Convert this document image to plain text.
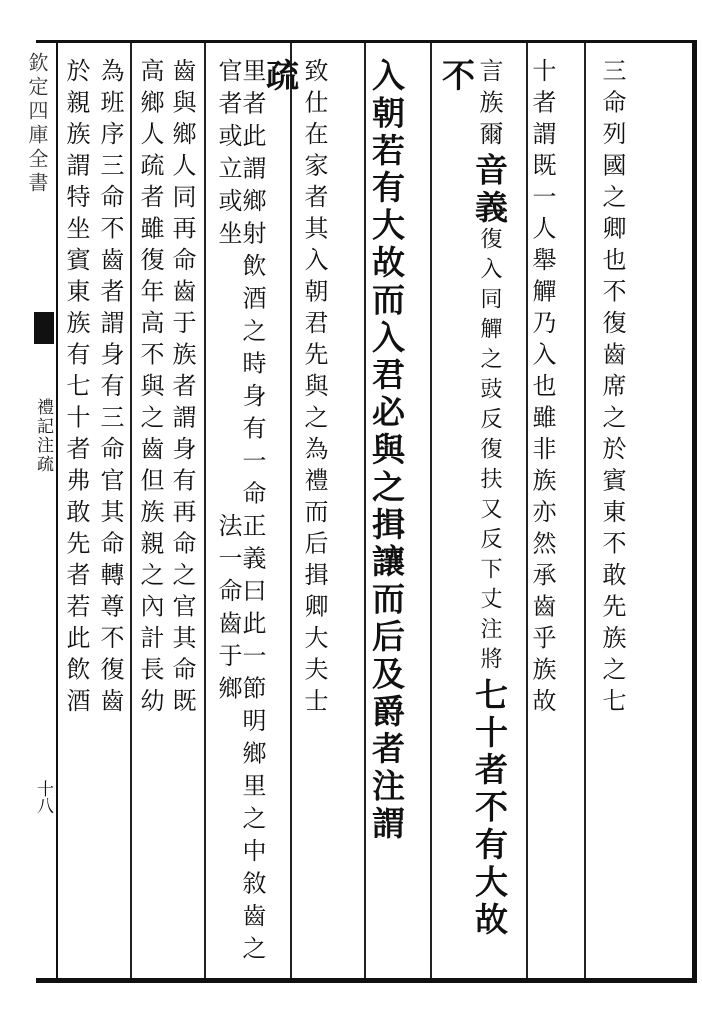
欽定四庫全書
禮記注疏
十八
三命列國之卿也不復齒席之於賓東不敢先族之七
十者謂既一人舉觶乃入也雖非族亦然承齒乎族故
言族爾音義
復扶又反下丈注將
復入同觶之豉反
七十者不有大故不
入朝若有大故而入君必與之揖讓而后及爵者注謂
致仕在家者其入朝君先與之為禮而后揖卿大夫士
疏
正義曰此一節明鄉里之中敘齒之法一命齒于鄉
里者此謂鄉射飲酒之時身有一命官者或立或坐
齒與鄉人同再命齒于族者謂身有再命之官其命既
高鄉人疏者雖復年高不與之齒但族親之內計長幼
為班序三命不齒者謂身有三命官其命轉尊不復齒
於親族謂特坐賓東族有七十者弗敢先者若此飲酒
